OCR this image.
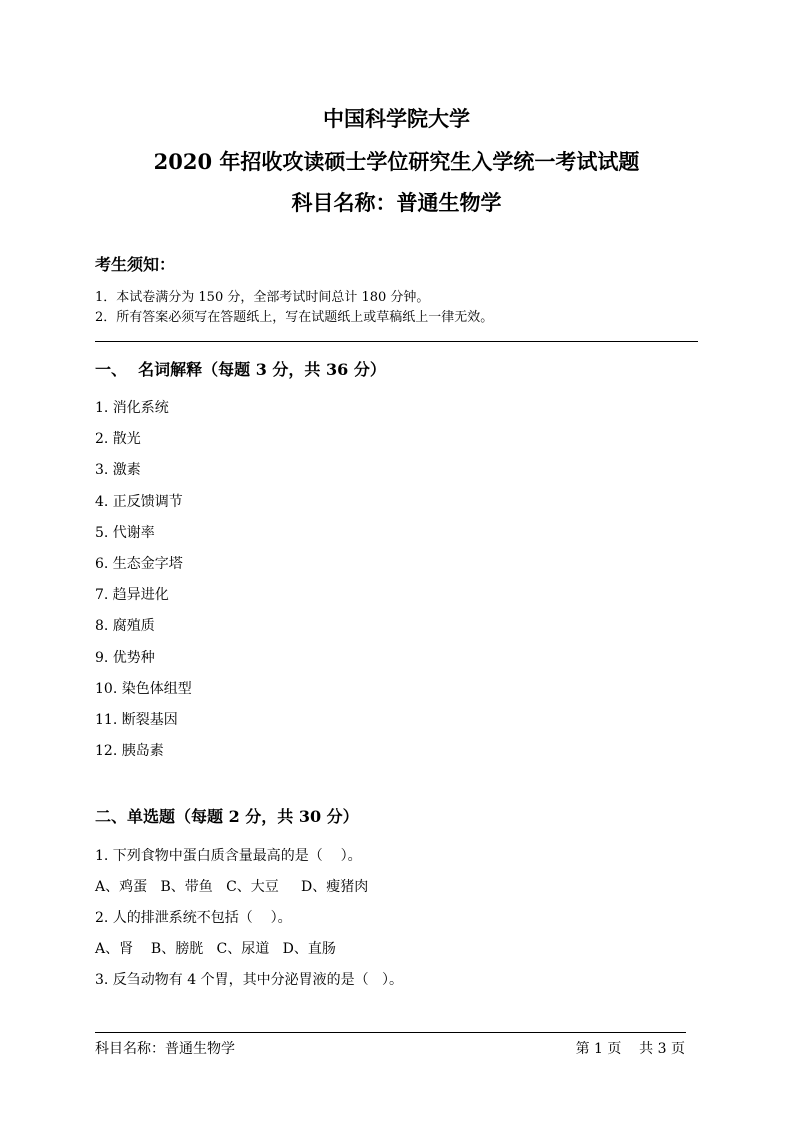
中国科学院大学
2020 年招收攻读硕士学位研究生入学统一考试试题
科目名称：普通生物学

考生须知：

1．本试卷满分为 150 分，全部考试时间总计 180 分钟。

2．所有答案必须写在答题纸上，写在试题纸上或草稿纸上一律无效。

一、  名词解释（每题 3 分，共 36 分）

1. 消化系统
2. 散光
3. 激素
4. 正反馈调节
5. 代谢率
6. 生态金字塔
7. 趋异进化
8. 腐殖质
9. 优势种
10. 染色体组型
11. 断裂基因
12. 胰岛素

二、单选题（每题 2 分，共 30 分）

1. 下列食物中蛋白质含量最高的是（    ）。
A、鸡蛋   B、带鱼   C、大豆     D、瘦猪肉
2. 人的排泄系统不包括（    ）。
A、肾    B、膀胱   C、尿道   D、直肠
3. 反刍动物有 4 个胃，其中分泌胃液的是（   ）。

科目名称：普通生物学	第 1 页    共 3 页
